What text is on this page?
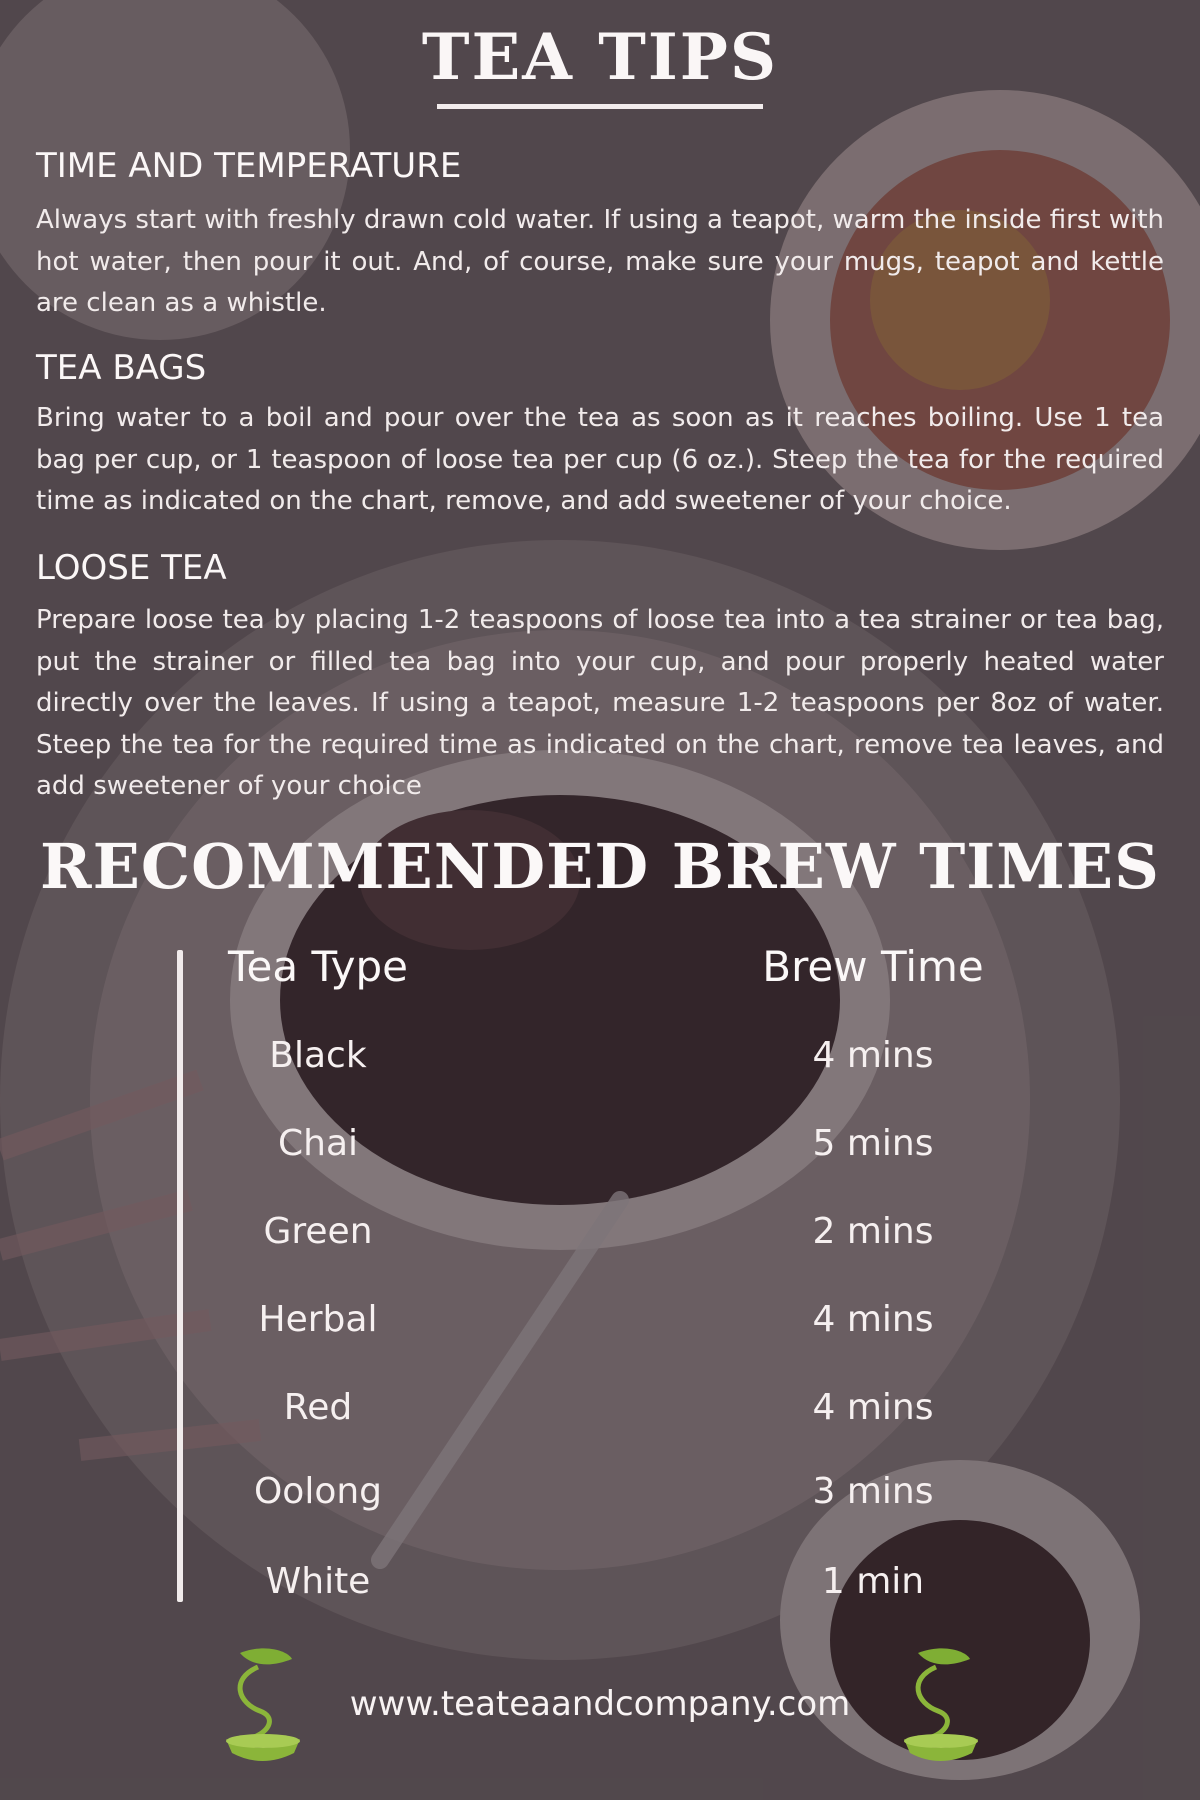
TEA TIPS
TIME AND TEMPERATURE

Always start with freshly drawn cold water. If using a teapot, warm the inside first with hot water, then pour it out. And, of course, make sure your mugs, teapot and kettle are clean as a whistle.

TEA BAGS

Bring water to a boil and pour over the tea as soon as it reaches boiling. Use 1 tea bag per cup, or 1 teaspoon of loose tea per cup (6 oz.). Steep the tea for the required time as indicated on the chart, remove, and add sweetener of your choice.

LOOSE TEA

Prepare loose tea by placing 1-2 teaspoons of loose tea into a tea strainer or tea bag, put the strainer or filled tea bag into your cup, and pour properly heated water directly over the leaves. If using a teapot, measure 1-2 teaspoons per 8oz of water. Steep the tea for the required time as indicated on the chart, remove tea leaves, and add sweetener of your choice

RECOMMENDED BREW TIMES
Tea Type	Brew Time
Black	4 mins
Chai	5 mins
Green	2 mins
Herbal	4 mins
Red	4 mins
Oolong	3 mins
White	1 min
www.teateaandcompany.com
